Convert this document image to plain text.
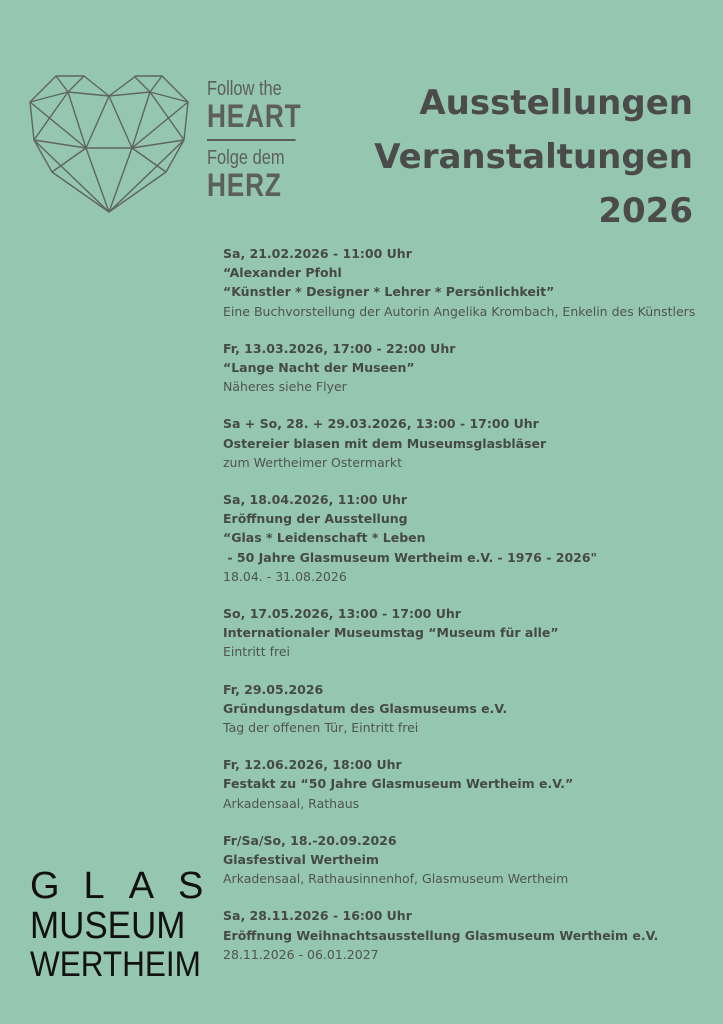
Follow the
HEART
Folge dem
HERZ
Ausstellungen
Veranstaltungen
2026
Sa, 21.02.2026 - 11:00 Uhr
“Alexander Pfohl
“Künstler * Designer * Lehrer * Persönlichkeit”
Eine Buchvorstellung der Autorin Angelika Krombach, Enkelin des Künstlers
Fr, 13.03.2026, 17:00 - 22:00 Uhr
“Lange Nacht der Museen”
Näheres siehe Flyer
Sa + So, 28. + 29.03.2026, 13:00 - 17:00 Uhr
Ostereier blasen mit dem Museumsglasbläser
zum Wertheimer Ostermarkt
Sa, 18.04.2026, 11:00 Uhr
Eröffnung der Ausstellung
“Glas * Leidenschaft * Leben
- 50 Jahre Glasmuseum Wertheim e.V. - 1976 - 2026"
18.04. - 31.08.2026
So, 17.05.2026, 13:00 - 17:00 Uhr
Internationaler Museumstag “Museum für alle”
Eintritt frei
Fr, 29.05.2026
Gründungsdatum des Glasmuseums e.V.
Tag der offenen Tür, Eintritt frei
Fr, 12.06.2026, 18:00 Uhr
Festakt zu “50 Jahre Glasmuseum Wertheim e.V.”
Arkadensaal, Rathaus
Fr/Sa/So, 18.-20.09.2026
Glasfestival Wertheim
Arkadensaal, Rathausinnenhof, Glasmuseum Wertheim
Sa, 28.11.2026 - 16:00 Uhr
Eröffnung Weihnachtsausstellung Glasmuseum Wertheim e.V.
28.11.2026 - 06.01.2027
GLAS
MUSEUM
WERTHEIM
